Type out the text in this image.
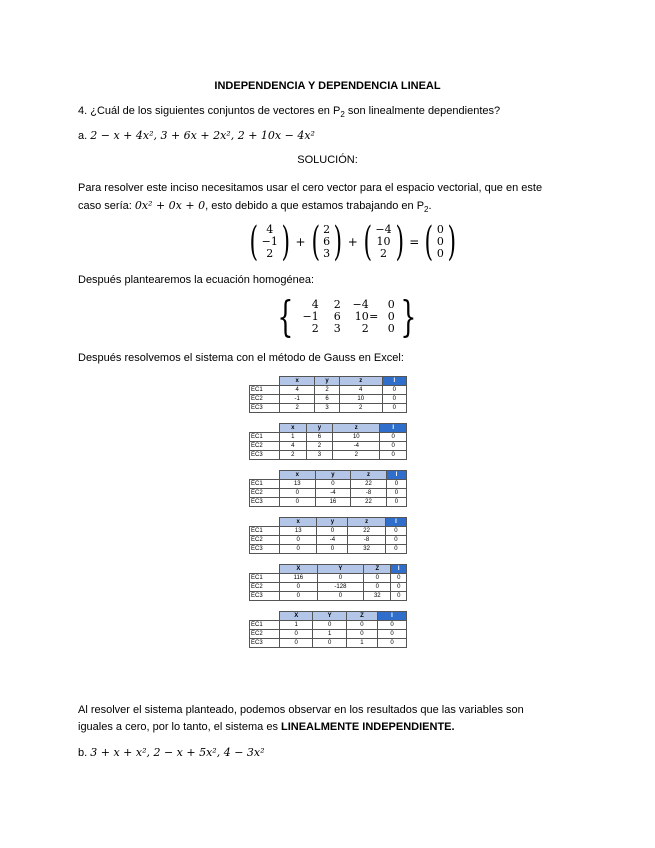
INDEPENDENCIA Y DEPENDENCIA LINEAL
4. ¿Cuál de los siguientes conjuntos de vectores en $P_2$ son linealmente dependientes?
a. 2 − x + 4x², 3 + 6x + 2x², 2 + 10x − 4x²
SOLUCIÓN:
Para resolver este inciso necesitamos usar el cero vector para el espacio vectorial, que en este
caso sería: 0x² + 0x + 0, esto debido a que estamos trabajando en $P_2$.
( 4
−1
2 ) + ( 2
6
3 ) + ( −4
10
2 ) = ( 0
0
0 )
Después plantearemos la ecuación homogénea:
{	4	2	−4	0
−1	6	10 = 0
2	3	2	0 }
Después resolvemos el sistema con el método de Gauss en Excel:
	x	y	z	I
EC1	4	2	4	0
EC2	-1	6	10	0
EC3	2	3	2	0
	x	y	z	I
EC1	1	6	10	0
EC2	4	2	-4	0
EC3	2	3	2	0
	x	y	z	I
EC1	13	0	22	0
EC2	0	-4	-8	0
EC3	0	16	22	0
	x	y	z	I
EC1	13	0	22	0
EC2	0	-4	-8	0
EC3	0	0	32	0
	X	Y	Z	I
EC1	116	0	0	0
EC2	0	-128	0	0
EC3	0	0	32	0
	X	Y	Z	I
EC1	1	0	0	0
EC2	0	1	0	0
EC3	0	0	1	0
Al resolver el sistema planteado, podemos observar en los resultados que las variables son
iguales a cero, por lo tanto, el sistema es LINEALMENTE INDEPENDIENTE.
b. 3 + x + x², 2 − x + 5x², 4 − 3x²
